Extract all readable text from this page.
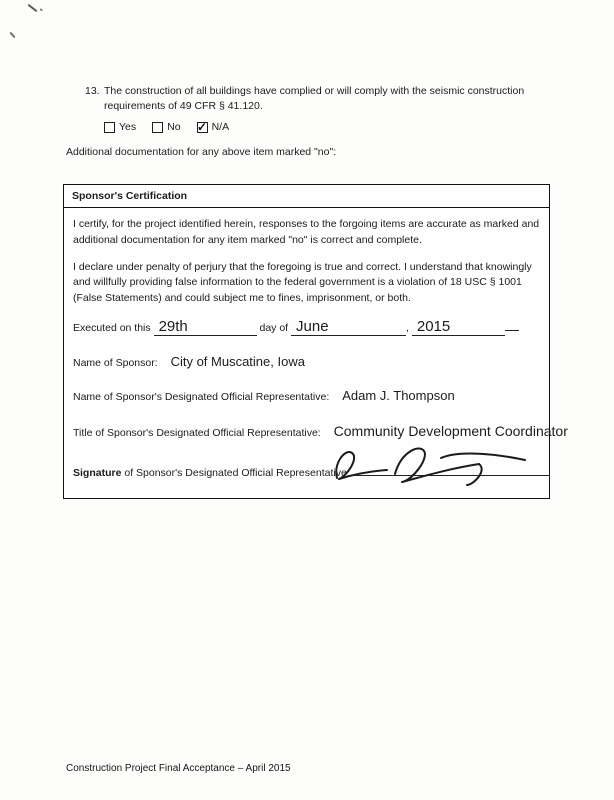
13. The construction of all buildings have complied or will comply with the seismic construction requirements of 49 CFR § 41.120.
Yes	No ✓ N/A
Additional documentation for any above item marked "no":
Sponsor's Certification

I certify, for the project identified herein, responses to the forgoing items are accurate as marked and additional documentation for any item marked "no" is correct and complete.

I declare under penalty of perjury that the foregoing is true and correct. I understand that knowingly and willfully providing false information to the federal government is a violation of 18 USC § 1001 (False Statements) and could subject me to fines, imprisonment, or both.

Executed on this 29th	day of June	, 2015
Name of Sponsor: City of Muscatine, Iowa
Name of Sponsor's Designated Official Representative: Adam J. Thompson
Title of Sponsor's Designated Official Representative: Community Development Coordinator
Signature of Sponsor's Designated Official Representative:
Construction Project Final Acceptance – April 2015
